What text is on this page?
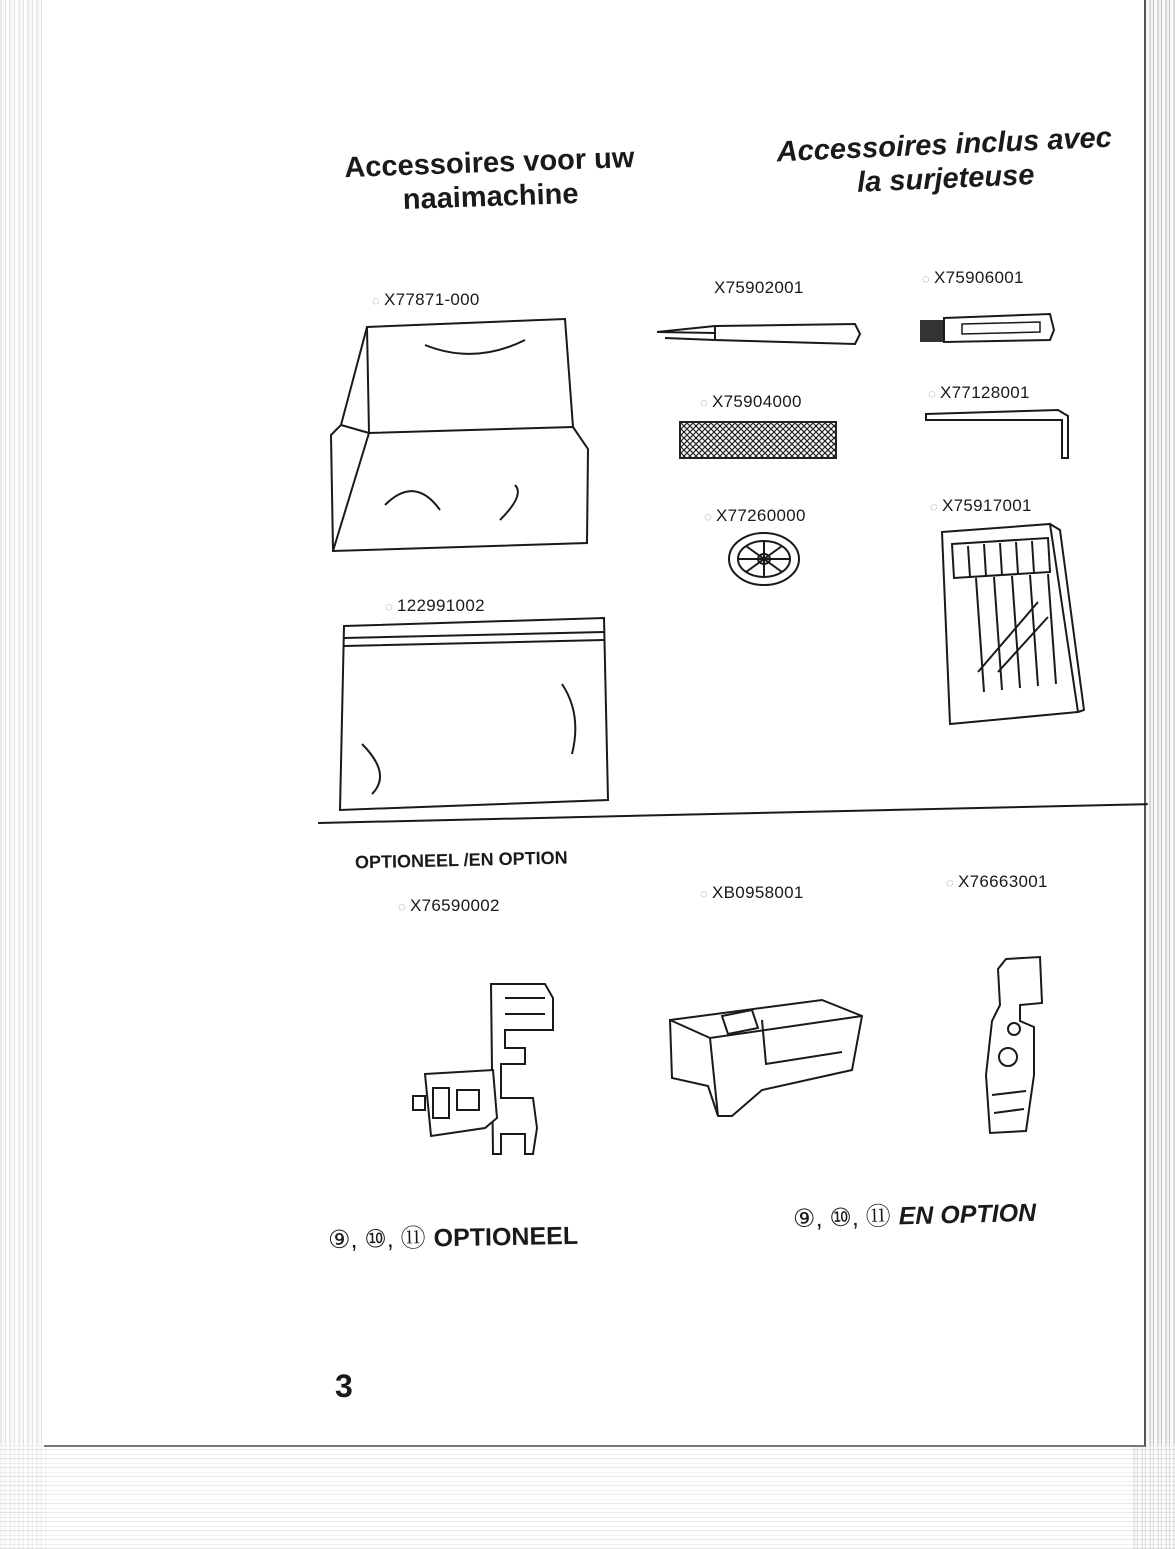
Accessoires voor uw
naaimachine
Accessoires inclus avec
la surjeteuse
◌ X77871-000
X75902001	◌ X75906001
◌ X75904000	◌ X77128001
◌ X77260000	◌ X75917001
◌ 122991002
OPTIONEEL /EN OPTION
◌ X76590002
◌ XB0958001
◌ X76663001
⑨, ⑩, ⑪ OPTIONEEL
⑨, ⑩, ⑪ EN OPTION
3
